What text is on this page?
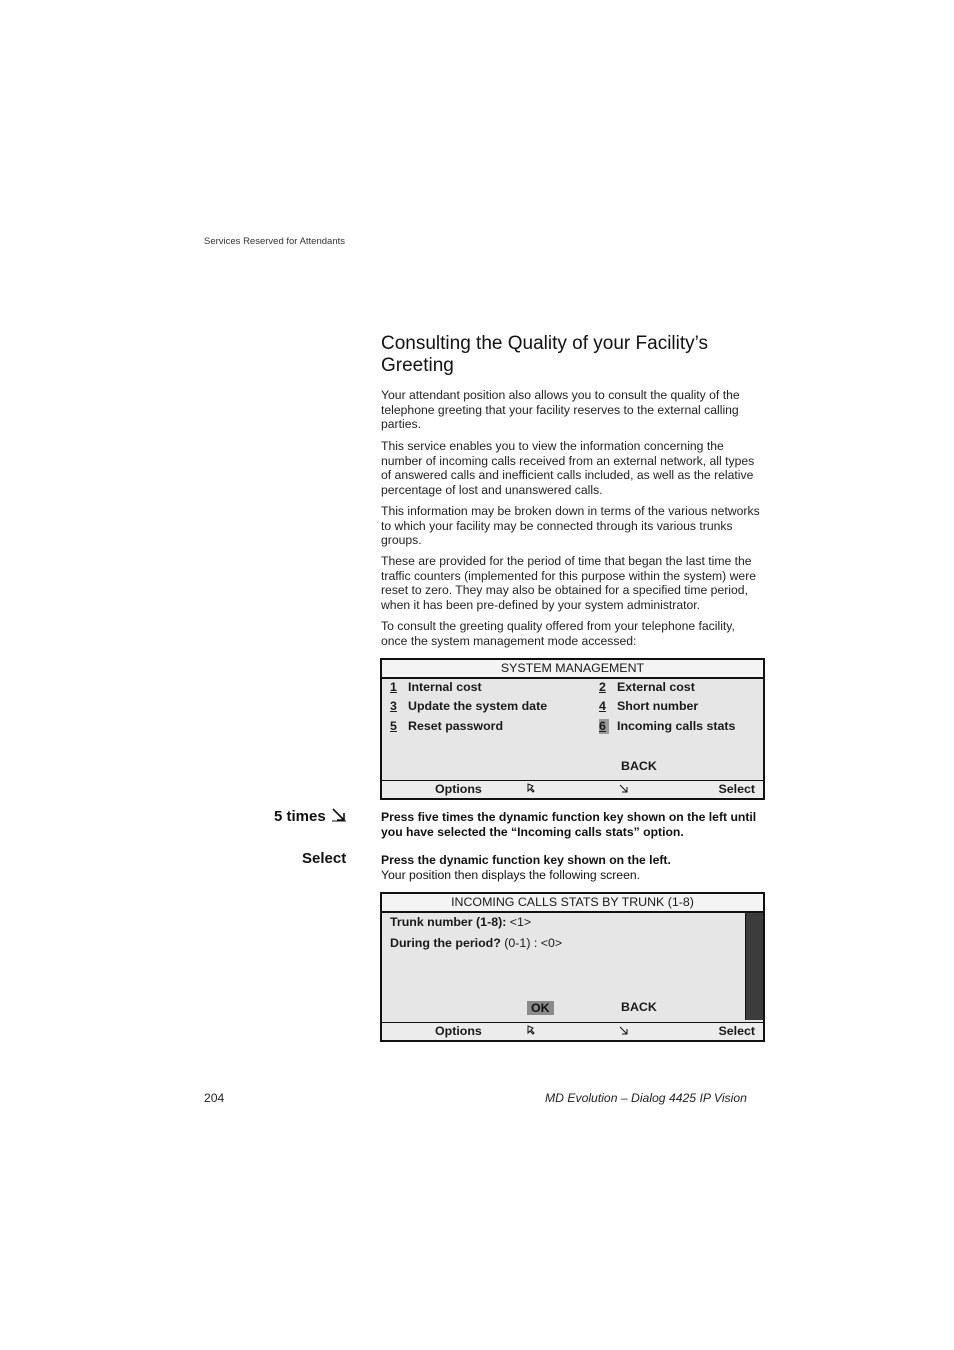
Services Reserved for Attendants
Consulting the Quality of your Facility’s Greeting

Your attendant position also allows you to consult the quality of the telephone greeting that your facility reserves to the external calling parties.

This service enables you to view the information concerning the number of incoming calls received from an external network, all types of answered calls and inefficient calls included, as well as the relative percentage of lost and unanswered calls.

This information may be broken down in terms of the various networks to which your facility may be connected through its various trunks groups.

These are provided for the period of time that began the last time the traffic counters (implemented for this purpose within the system) were reset to zero. They may also be obtained for a specified time period, when it has been pre-defined by your system administrator.

To consult the greeting quality offered from your telephone facility, once the system management mode accessed:

SYSTEM MANAGEMENT
1 Internal cost	2 External cost
3 Update the system date	4 Short number
5 Reset password	6 Incoming calls stats
BACK
Options	Select
5 times	Press five times the dynamic function key shown on the left until you have selected the “Incoming calls stats” option.
Select	Press the dynamic function key shown on the left.
Your position then displays the following screen.
INCOMING CALLS STATS BY TRUNK (1-8)
Trunk number (1-8): <1>
During the period? (0-1) : <0>
OK	BACK
Options	Select
204	MD Evolution – Dialog 4425 IP Vision
